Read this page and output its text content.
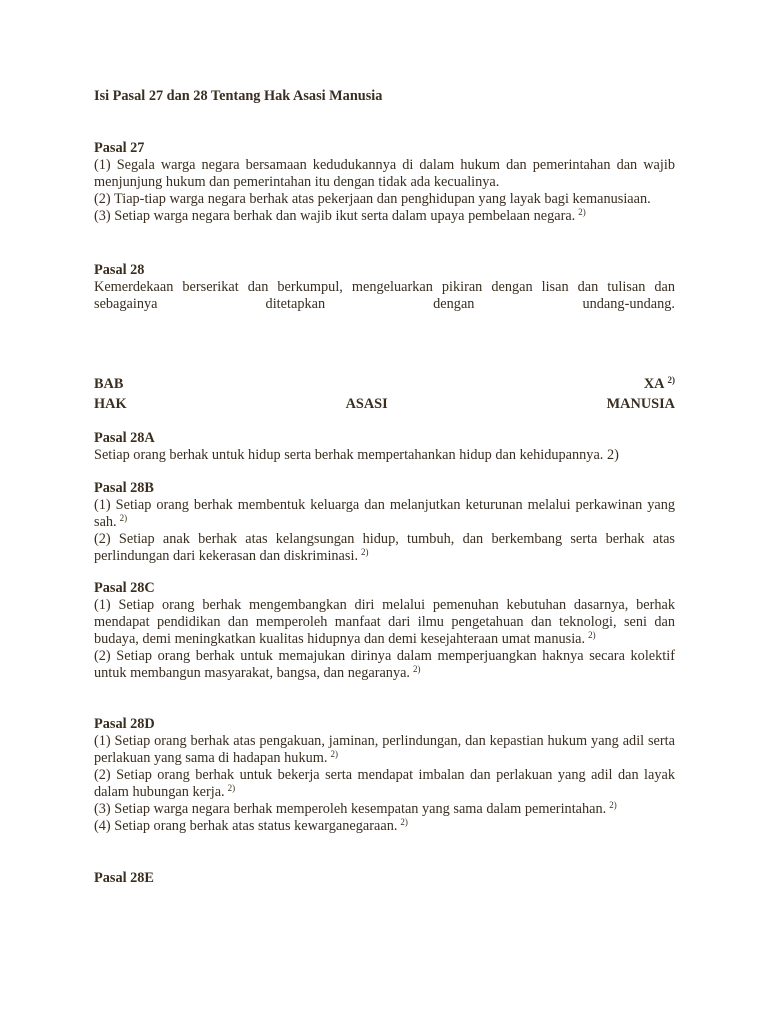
Isi Pasal 27 dan 28 Tentang Hak Asasi Manusia
Pasal 27
(1) Segala warga negara bersamaan kedudukannya di dalam hukum dan pemerintahan dan wajib menjunjung hukum dan pemerintahan itu dengan tidak ada kecualinya.
(2) Tiap-tiap warga negara berhak atas pekerjaan dan penghidupan yang layak bagi kemanusiaan.
(3) Setiap warga negara berhak dan wajib ikut serta dalam upaya pembelaan negara. $^{2)}$
Pasal 28
Kemerdekaan berserikat dan berkumpul, mengeluarkan pikiran dengan lisan dan tulisan dan sebagainya ditetapkan dengan undang-undang.
BAB	XA $^{2)}$
HAK	ASASI	MANUSIA
Pasal 28A
Setiap orang berhak untuk hidup serta berhak mempertahankan hidup dan kehidupannya. 2)
Pasal 28B
(1) Setiap orang berhak membentuk keluarga dan melanjutkan keturunan melalui perkawinan yang sah. $^{2)}$
(2) Setiap anak berhak atas kelangsungan hidup, tumbuh, dan berkembang serta berhak atas perlindungan dari kekerasan dan diskriminasi. $^{2)}$
Pasal 28C
(1) Setiap orang berhak mengembangkan diri melalui pemenuhan kebutuhan dasarnya, berhak mendapat pendidikan dan memperoleh manfaat dari ilmu pengetahuan dan teknologi, seni dan budaya, demi meningkatkan kualitas hidupnya dan demi kesejahteraan umat manusia. $^{2)}$
(2) Setiap orang berhak untuk memajukan dirinya dalam memperjuangkan haknya secara kolektif untuk membangun masyarakat, bangsa, dan negaranya. $^{2)}$
Pasal 28D
(1) Setiap orang berhak atas pengakuan, jaminan, perlindungan, dan kepastian hukum yang adil serta perlakuan yang sama di hadapan hukum. $^{2)}$
(2) Setiap orang berhak untuk bekerja serta mendapat imbalan dan perlakuan yang adil dan layak dalam hubungan kerja. $^{2)}$
(3) Setiap warga negara berhak memperoleh kesempatan yang sama dalam pemerintahan. $^{2)}$
(4) Setiap orang berhak atas status kewarganegaraan. $^{2)}$
Pasal 28E
